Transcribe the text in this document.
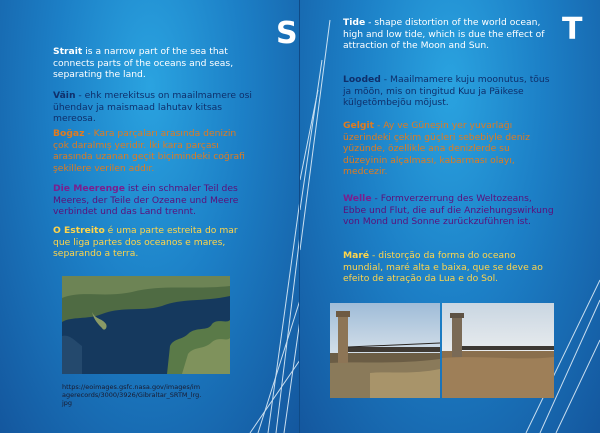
S
Strait is a narrow part of the sea that connects parts of the oceans and seas, separating the land.
Väin - ehk merekitsus on maailmamere osi ühendav ja maismaad lahutav kitsas mereosa.
Boğaz - Kara parçaları arasında denizin çok daralmış yeridir. İki kara parçası arasında uzanan geçit biçimindeki coğrafi şekillere verilen addır.
Die Meerenge ist ein schmaler Teil des Meeres, der Teile der Ozeane und Meere verbindet und das Land trennt.
O Estreito é uma parte estreita do mar que liga partes dos oceanos e mares, separando a terra.
https://eoimages.gsfc.nasa.gov/images/imagerecords/3000/3926/Gibraltar_SRTM_lrg.jpg
T
Tide - shape distortion of the world ocean, high and low tide, which is due the effect of attraction of the Moon and Sun.
Looded - Maailmamere kuju moonutus, tõus ja mõõn, mis on tingitud Kuu ja Päikese külgetõmbejõu mõjust.
Gelgit - Ay ve Güneşin yer yuvarlağı üzerindeki çekim güçleri sebebiyle deniz yüzünde, özellikle ana denizlerde su düzeyinin alçalması, kabarması olayı, medcezir.
Welle - Formverzerrung des Weltozeans, Ebbe und Flut, die auf die Anziehungswirkung von Mond und Sonne zurückzuführen ist.
Maré - distorção da forma do oceano mundial, maré alta e baixa, que se deve ao efeito de atração da Lua e do Sol.
